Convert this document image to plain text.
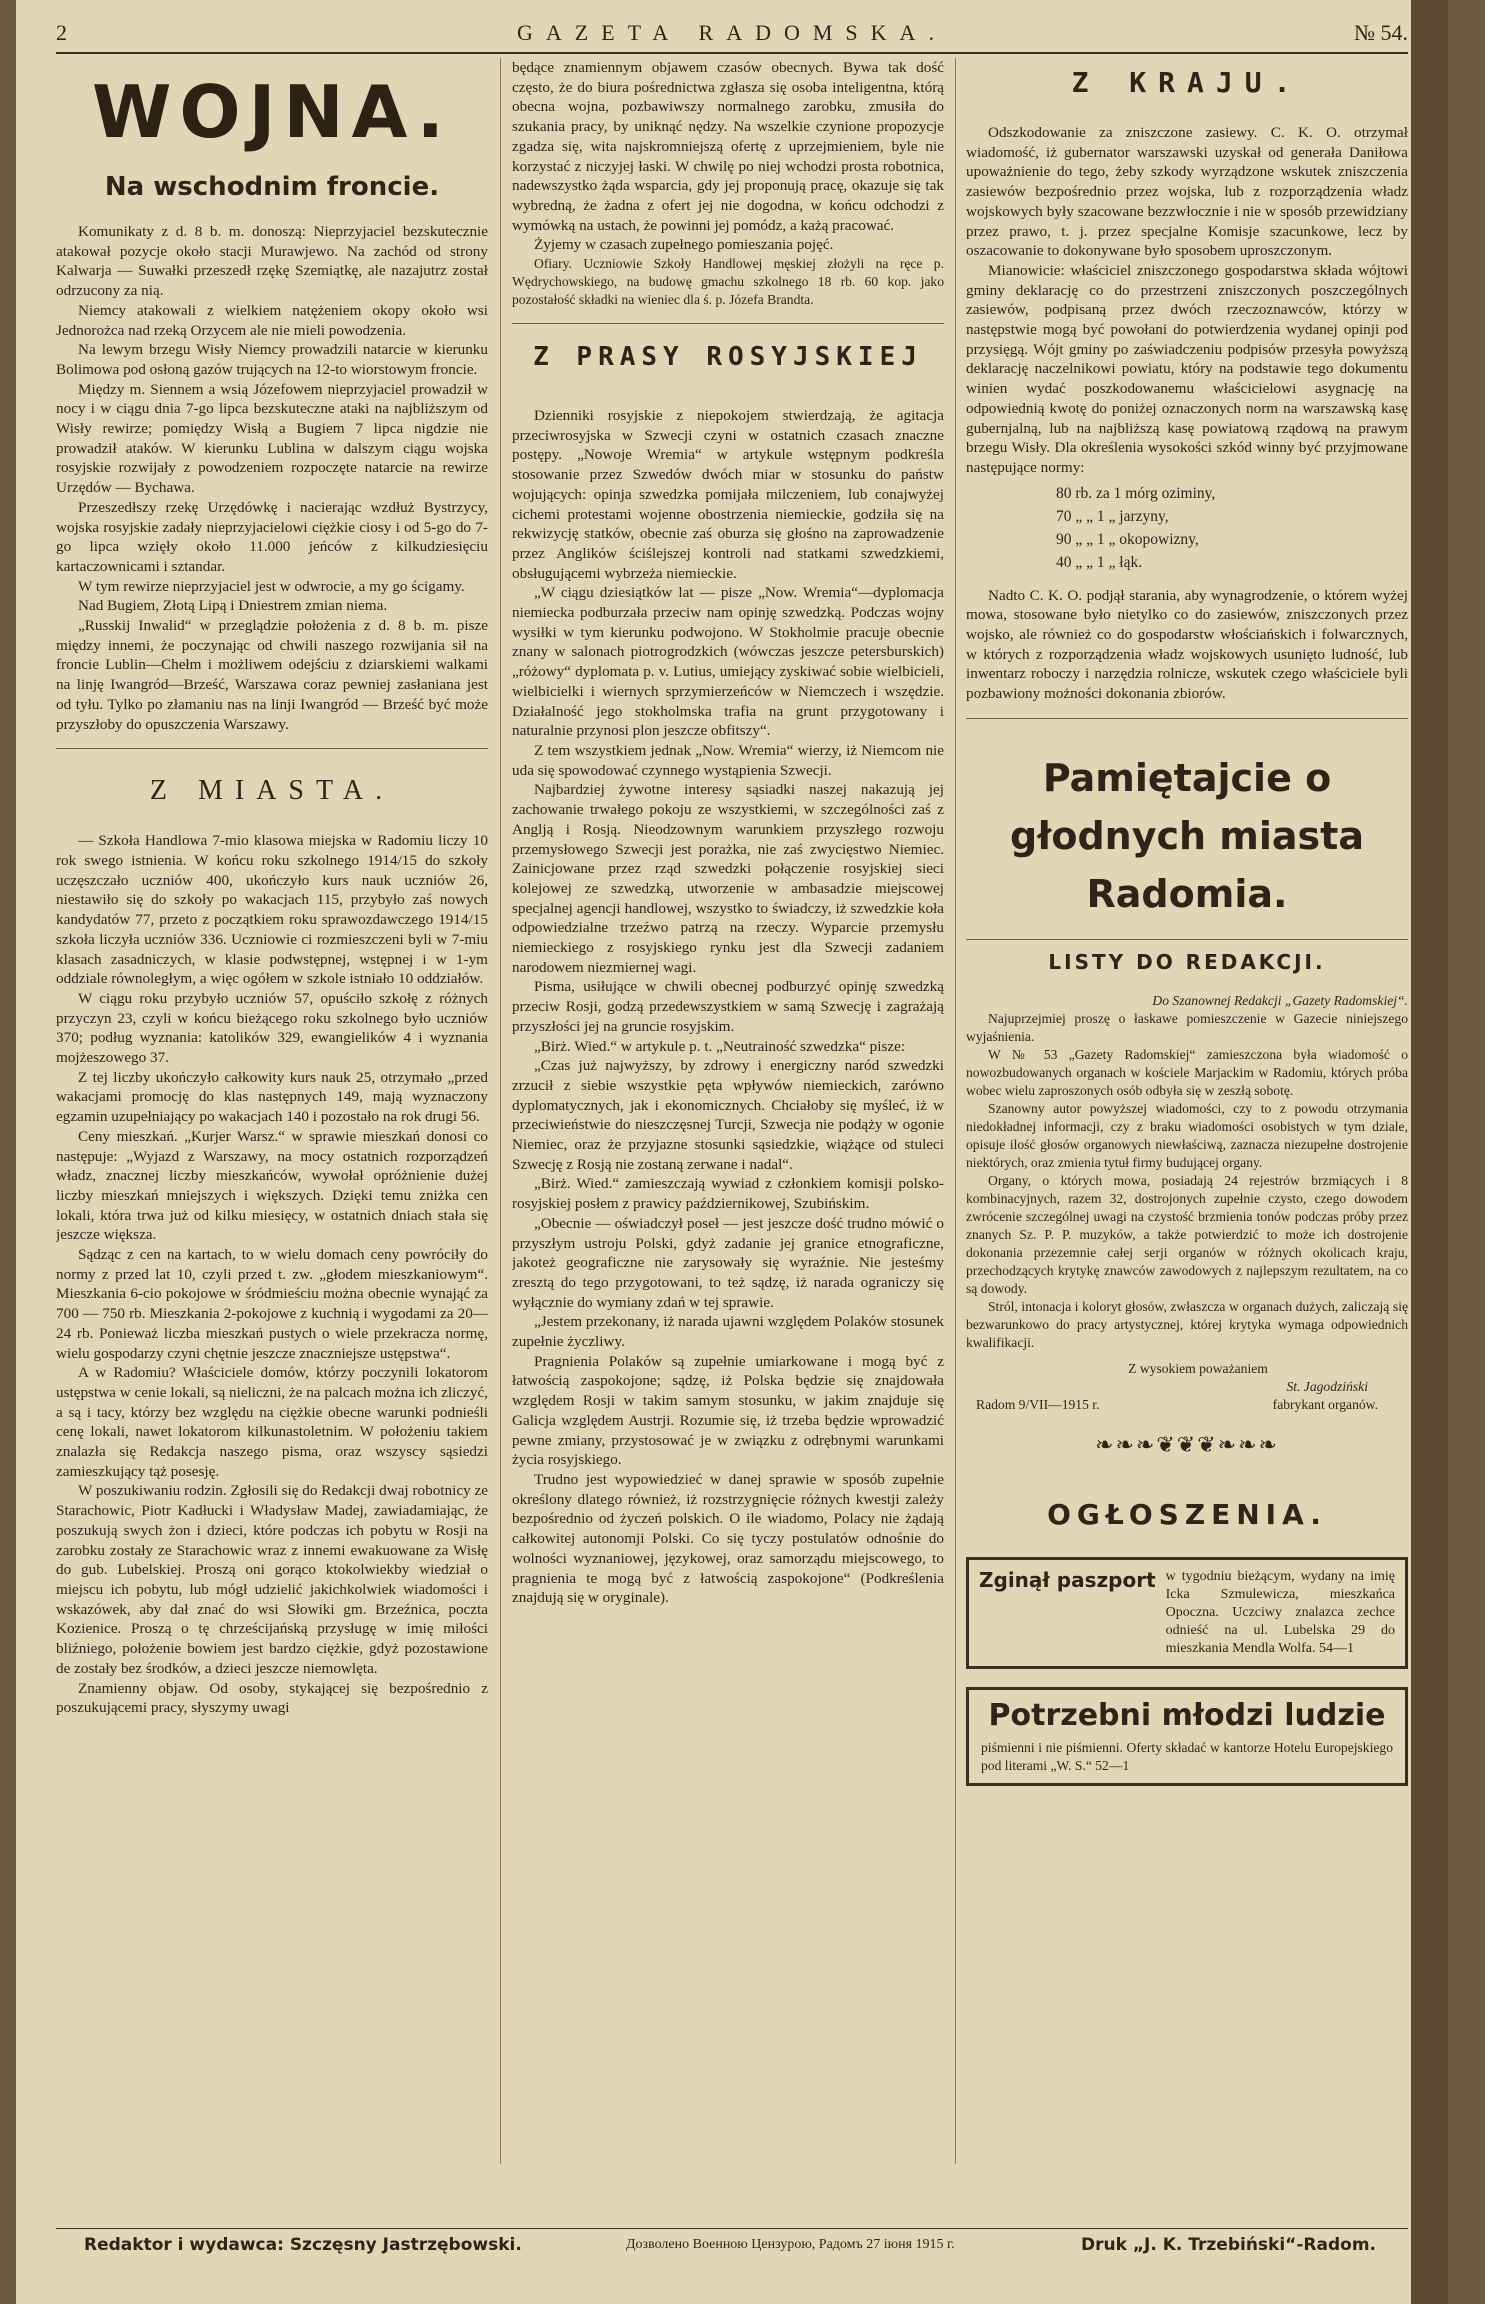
2	GAZETA RADOMSKA.	№ 54.
WOJNA.
Na wschodnim froncie.

Komunikaty z d. 8 b. m. donoszą: Nieprzyjaciel bezskutecznie atakował pozycje około stacji Murawjewo. Na zachód od strony Kalwarja — Suwałki przeszedł rzękę Szemiątkę, ale nazajutrz został odrzucony za nią.

Niemcy atakowali z wielkiem natężeniem okopy około wsi Jednorożca nad rzeką Orzycem ale nie mieli powodzenia.

Na lewym brzegu Wisły Niemcy prowadzili natarcie w kierunku Bolimowa pod osłoną gazów trujących na 12-to wiorstowym froncie.

Między m. Siennem a wsią Józefowem nieprzyjaciel prowadził w nocy i w ciągu dnia 7-go lipca bezskuteczne ataki na najbliższym od Wisły rewirze; pomiędzy Wisłą a Bugiem 7 lipca nigdzie nie prowadził ataków. W kierunku Lublina w dalszym ciągu wojska rosyjskie rozwijały z powodzeniem rozpoczęte natarcie na rewirze Urzędów — Bychawa.

Przeszedłszy rzekę Urzędówkę i nacierając wzdłuż Bystrzycy, wojska rosyjskie zadały nieprzyjacielowi ciężkie ciosy i od 5-go do 7-go lipca wzięły około 11.000 jeńców z kilkudziesięciu kartaczownicami i sztandar.

W tym rewirze nieprzyjaciel jest w odwrocie, a my go ścigamy.

Nad Bugiem, Złotą Lipą i Dniestrem zmian niema.

„Russkij Inwalid“ w przeglądzie położenia z d. 8 b. m. pisze między innemi, że poczynając od chwili naszego rozwijania sił na froncie Lublin—Chełm i możliwem odejściu z dziarskiemi walkami na linję Iwangród—Brześć, Warszawa coraz pewniej zasłaniana jest od tyłu. Tylko po złamaniu nas na linji Iwangród — Brześć być może przyszłoby do opuszczenia Warszawy.

Z MIASTA.

— Szkoła Handlowa 7-mio klasowa miejska w Radomiu liczy 10 rok swego istnienia. W końcu roku szkolnego 1914/15 do szkoły uczęszczało uczniów 400, ukończyło kurs nauk uczniów 26, niestawiło się do szkoły po wakacjach 115, przybyło zaś nowych kandydatów 77, przeto z początkiem roku sprawozdawczego 1914/15 szkoła liczyła uczniów 336. Uczniowie ci rozmieszczeni byli w 7-miu klasach zasadniczych, w klasie podwstępnej, wstępnej i w 1-ym oddziale równoległym, a więc ogółem w szkole istniało 10 oddziałów.

W ciągu roku przybyło uczniów 57, opuściło szkołę z różnych przyczyn 23, czyli w końcu bieżącego roku szkolnego było uczniów 370; podług wyznania: katolików 329, ewangielików 4 i wyznania mojżeszowego 37.

Z tej liczby ukończyło całkowity kurs nauk 25, otrzymało „przed wakacjami promocję do klas następnych 149, mają wyznaczony egzamin uzupełniający po wakacjach 140 i pozostało na rok drugi 56.

Ceny mieszkań. „Kurjer Warsz.“ w sprawie mieszkań donosi co następuje: „Wyjazd z Warszawy, na mocy ostatnich rozporządzeń władz, znacznej liczby mieszkańców, wywołał opróżnienie dużej liczby mieszkań mniejszych i większych. Dzięki temu zniżka cen lokali, która trwa już od kilku miesięcy, w ostatnich dniach stała się jeszcze większa.

Sądząc z cen na kartach, to w wielu domach ceny powróciły do normy z przed lat 10, czyli przed t. zw. „głodem mieszkaniowym“. Mieszkania 6-cio pokojowe w śródmieściu można obecnie wynająć za 700 — 750 rb. Mieszkania 2-pokojowe z kuchnią i wygodami za 20—24 rb. Ponieważ liczba mieszkań pustych o wiele przekracza normę, wielu gospodarzy czyni chętnie jeszcze znaczniejsze ustępstwa“.

A w Radomiu? Właściciele domów, którzy poczynili lokatorom ustępstwa w cenie lokali, są nieliczni, że na palcach można ich zliczyć, a są i tacy, którzy bez względu na ciężkie obecne warunki podnieśli cenę lokali, nawet lokatorom kilkunastoletnim. W położeniu takiem znalazła się Redakcja naszego pisma, oraz wszyscy sąsiedzi zamieszkujący tąż posesję.

W poszukiwaniu rodzin. Zgłosili się do Redakcji dwaj robotnicy ze Starachowic, Piotr Kadłucki i Władysław Madej, zawiadamiając, że poszukują swych żon i dzieci, które podczas ich pobytu w Rosji na zarobku zostały ze Starachowic wraz z innemi ewakuowane za Wisłę do gub. Lubelskiej. Proszą oni gorąco ktokolwiekby wiedział o miejscu ich pobytu, lub mógł udzielić jakichkolwiek wiadomości i wskazówek, aby dał znać do wsi Słowiki gm. Brzeźnica, poczta Kozienice. Proszą o tę chrześcijańską przysługę w imię miłości bliźniego, położenie bowiem jest bardzo ciężkie, gdyż pozostawione de zostały bez środków, a dzieci jeszcze niemowlęta.

Znamienny objaw. Od osoby, stykającej się bezpośrednio z poszukującemi pracy, słyszymy uwagi

będące znamiennym objawem czasów obecnych. Bywa tak dość często, że do biura pośrednictwa zgłasza się osoba inteligentna, którą obecna wojna, pozbawiwszy normalnego zarobku, zmusiła do szukania pracy, by uniknąć nędzy. Na wszelkie czynione propozycje zgadza się, wita najskromniejszą ofertę z uprzejmieniem, byle nie korzystać z niczyjej łaski. W chwilę po niej wchodzi prosta robotnica, nadewszystko żąda wsparcia, gdy jej proponują pracę, okazuje się tak wybredną, że żadna z ofert jej nie dogodna, w końcu odchodzi z wymówką na ustach, że powinni jej pomódz, a każą pracować.

Żyjemy w czasach zupełnego pomieszania pojęć.

Ofiary. Uczniowie Szkoły Handlowej męskiej złożyli na ręce p. Wędrychowskiego, na budowę gmachu szkolnego 18 rb. 60 kop. jako pozostałość składki na wieniec dla ś. p. Józefa Brandta.

Z PRASY ROSYJSKIEJ

Dzienniki rosyjskie z niepokojem stwierdzają, że agitacja przeciwrosyjska w Szwecji czyni w ostatnich czasach znaczne postępy. „Nowoje Wremia“ w artykule wstępnym podkreśla stosowanie przez Szwedów dwóch miar w stosunku do państw wojujących: opinja szwedzka pomijała milczeniem, lub conajwyżej cichemi protestami wojenne obostrzenia niemieckie, godziła się na rekwizycję statków, obecnie zaś oburza się głośno na zaprowadzenie przez Anglików ściślejszej kontroli nad statkami szwedzkiemi, obsługującemi wybrzeża niemieckie.

„W ciągu dziesiątków lat — pisze „Now. Wremia“—dyplomacja niemiecka podburzała przeciw nam opinję szwedzką. Podczas wojny wysiłki w tym kierunku podwojono. W Stokholmie pracuje obecnie znany w salonach piotrogrodzkich (wówczas jeszcze petersburskich) „różowy“ dyplomata p. v. Lutius, umiejący zyskiwać sobie wielbicieli, wielbicielki i wiernych sprzymierzeńców w Niemczech i wszędzie. Działalność jego stokholmska trafia na grunt przygotowany i naturalnie przynosi plon jeszcze obfitszy“.

Z tem wszystkiem jednak „Now. Wremia“ wierzy, iż Niemcom nie uda się spowodować czynnego wystąpienia Szwecji.

Najbardziej żywotne interesy sąsiadki naszej nakazują jej zachowanie trwałego pokoju ze wszystkiemi, w szczególności zaś z Anglją i Rosją. Nieodzownym warunkiem przyszłego rozwoju przemysłowego Szwecji jest porażka, nie zaś zwycięstwo Niemiec. Zainicjowane przez rząd szwedzki połączenie rosyjskiej sieci kolejowej ze szwedzką, utworzenie w ambasadzie miejscowej specjalnej agencji handlowej, wszystko to świadczy, iż szwedzkie koła odpowiedzialne trzeźwo patrzą na rzeczy. Wyparcie przemysłu niemieckiego z rosyjskiego rynku jest dla Szwecji zadaniem narodowem niezmiernej wagi.

Pisma, usiłujące w chwili obecnej podburzyć opinję szwedzką przeciw Rosji, godzą przedewszystkiem w samą Szwecję i zagrażają przyszłości jej na gruncie rosyjskim.

„Birż. Wied.“ w artykule p. t. „Neutrainość szwedzka“ pisze:

„Czas już najwyższy, by zdrowy i energiczny naród szwedzki zrzucił z siebie wszystkie pęta wpływów niemieckich, zarówno dyplomatycznych, jak i ekonomicznych. Chciałoby się myśleć, iż w przeciwieństwie do nieszczęsnej Turcji, Szwecja nie podąży w ogonie Niemiec, oraz że przyjazne stosunki sąsiedzkie, wiążące od stuleci Szwecję z Rosją nie zostaną zerwane i nadal“.

„Birż. Wied.“ zamieszczają wywiad z członkiem komisji polsko-rosyjskiej posłem z prawicy październikowej, Szubińskim.

„Obecnie — oświadczył poseł — jest jeszcze dość trudno mówić o przyszłym ustroju Polski, gdyż zadanie jej granice etnograficzne, jakoteż geograficzne nie zarysowały się wyraźnie. Nie jesteśmy zresztą do tego przygotowani, to też sądzę, iż narada ograniczy się wyłącznie do wymiany zdań w tej sprawie.

„Jestem przekonany, iż narada ujawni względem Polaków stosunek zupełnie życzliwy.

Pragnienia Polaków są zupełnie umiarkowane i mogą być z łatwością zaspokojone; sądzę, iż Polska będzie się znajdowała względem Rosji w takim samym stosunku, w jakim znajduje się Galicja względem Austrji. Rozumie się, iż trzeba będzie wprowadzić pewne zmiany, przystosować je w związku z odrębnymi warunkami życia rosyjskiego.

Trudno jest wypowiedzieć w danej sprawie w sposób zupełnie określony dlatego również, iż rozstrzygnięcie różnych kwestji zależy bezpośrednio od życzeń polskich. O ile wiadomo, Polacy nie żądają całkowitej autonomji Polski. Co się tyczy postulatów odnośnie do wolności wyznaniowej, językowej, oraz samorządu miejscowego, to pragnienia te mogą być z łatwością zaspokojone“ (Podkreślenia znajdują się w oryginale).

Z KRAJU.

Odszkodowanie za zniszczone zasiewy. C. K. O. otrzymał wiadomość, iż gubernator warszawski uzyskał od generała Daniłowa upoważnienie do tego, żeby szkody wyrządzone wskutek zniszczenia zasiewów bezpośrednio przez wojska, lub z rozporządzenia władz wojskowych były szacowane bezzwłocznie i nie w sposób przewidziany przez prawo, t. j. przez specjalne Komisje szacunkowe, lecz by oszacowanie to dokonywane było sposobem uproszczonym.

Mianowicie: właściciel zniszczonego gospodarstwa składa wójtowi gminy deklarację co do przestrzeni zniszczonych poszczególnych zasiewów, podpisaną przez dwóch rzeczoznawców, którzy w następstwie mogą być powołani do potwierdzenia wydanej opinji pod przysięgą. Wójt gminy po zaświadczeniu podpisów przesyła powyższą deklarację naczelnikowi powiatu, który na podstawie tego dokumentu winien wydać poszkodowanemu właścicielowi asygnację na odpowiednią kwotę do poniżej oznaczonych norm na warszawską kasę gubernjalną, lub na najbliższą kasę powiatową rządową na prawym brzegu Wisły. Dla określenia wysokości szkód winny być przyjmowane następujące normy:

80 rb. za 1 mórg oziminy,
70 „ „ 1 „ jarzyny,
90 „ „ 1 „ okopowizny,
40 „ „ 1 „ łąk.

Nadto C. K. O. podjął starania, aby wynagrodzenie, o którem wyżej mowa, stosowane było nietylko co do zasiewów, zniszczonych przez wojsko, ale również co do gospodarstw włościańskich i folwarcznych, w których z rozporządzenia władz wojskowych usunięto ludność, lub inwentarz roboczy i narzędzia rolnicze, wskutek czego właściciele byli pozbawiony możności dokonania zbiorów.

Pamiętajcie o głodnych miasta Radomia.
LISTY DO REDAKCJI.

Do Szanownej Redakcji „Gazety Radomskiej“.

Najuprzejmiej proszę o łaskawe pomieszczenie w Gazecie niniejszego wyjaśnienia.

W № 53 „Gazety Radomskiej“ zamieszczona była wiadomość o nowozbudowanych organach w kościele Marjackim w Radomiu, których próba wobec wielu zaproszonych osób odbyła się w zeszłą sobotę.

Szanowny autor powyższej wiadomości, czy to z powodu otrzymania niedokładnej informacji, czy z braku wiadomości osobistych w tym dziale, opisuje ilość głosów organowych niewłaściwą, zaznacza niezupełne dostrojenie niektórych, oraz zmienia tytuł firmy budującej organy.

Organy, o których mowa, posiadają 24 rejestrów brzmiących i 8 kombinacyjnych, razem 32, dostrojonych zupełnie czysto, czego dowodem zwrócenie szczególnej uwagi na czystość brzmienia tonów podczas próby przez znanych Sz. P. P. muzyków, a także potwierdzić to może ich dostrojenie dokonania przezemnie całej serji organów w różnych okolicach kraju, przechodzących krytykę znawców zawodowych z najlepszym rezultatem, na co są dowody.

Stról, intonacja i koloryt głosów, zwłaszcza w organach dużych, zaliczają się bezwarunkowo do pracy artystycznej, której krytyka wymaga odpowiednich kwalifikacji.

Z wysokiem poważaniem

St. Jagodziński

Radom 9/VII—1915 r.	fabrykant organów.
❧❧❧❦❦❦❧❧❧
OGŁOSZENIA.
Zginął paszport w tygodniu bieżącym, wydany na imię Icka Szmulewicza, mieszkańca Opoczna. Uczciwy znalazca zechce odnieść na ul. Lubelska 29 do mieszkania Mendla Wolfa. 54—1

Potrzebni młodzi ludzie

piśmienni i nie piśmienni. Oferty składać w kantorze Hotelu Europejskiego pod literami „W. S.“ 52—1

Redaktor i wydawca: Szczęsny Jastrzębowski.	Дозволено Военною Цензурою, Радомъ 27 іюня 1915 г.	Druk „J. K. Trzebiński“-Radom.
